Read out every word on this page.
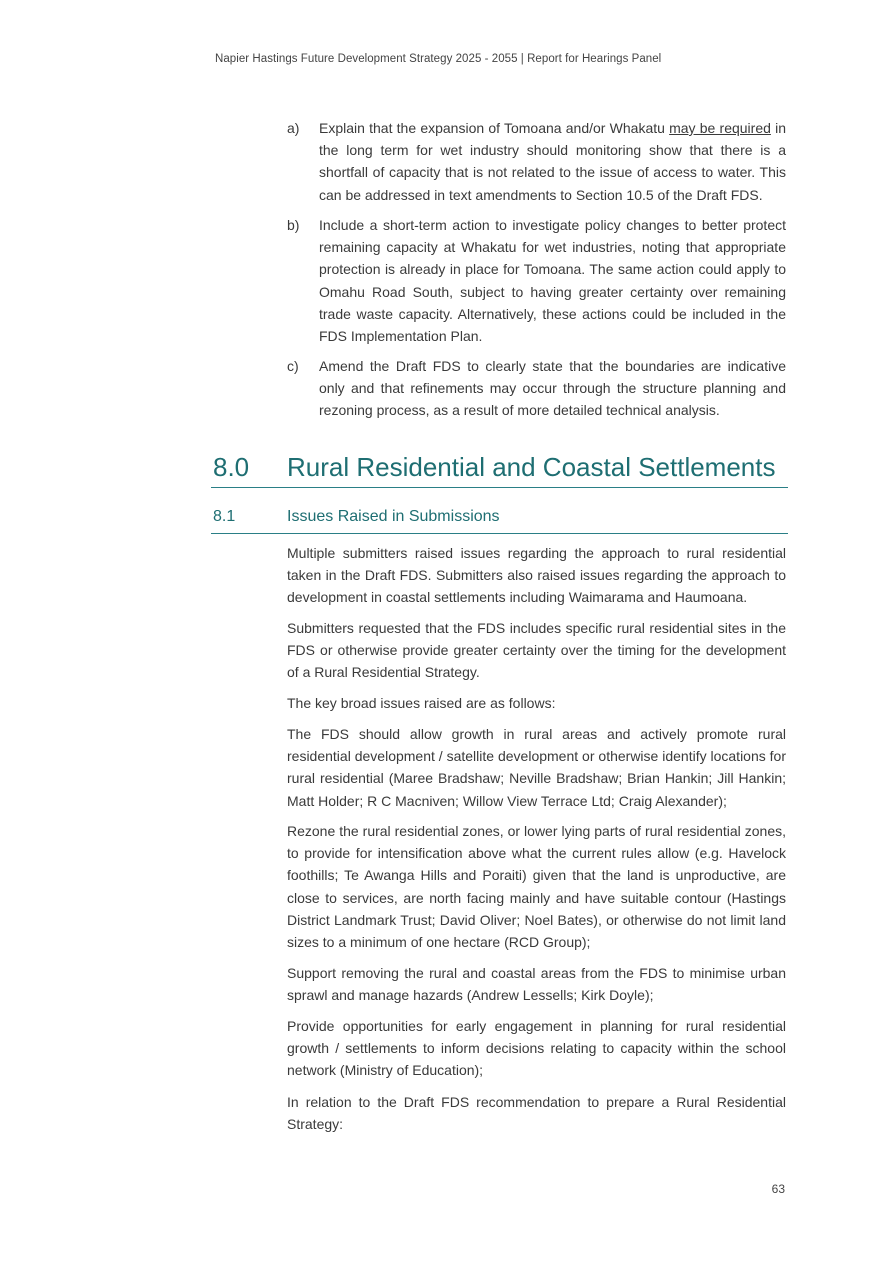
Napier Hastings Future Development Strategy 2025 - 2055 | Report for Hearings Panel
a) Explain that the expansion of Tomoana and/or Whakatu may be required in the long term for wet industry should monitoring show that there is a shortfall of capacity that is not related to the issue of access to water. This can be addressed in text amendments to Section 10.5 of the Draft FDS.
b) Include a short-term action to investigate policy changes to better protect remaining capacity at Whakatu for wet industries, noting that appropriate protection is already in place for Tomoana. The same action could apply to Omahu Road South, subject to having greater certainty over remaining trade waste capacity. Alternatively, these actions could be included in the FDS Implementation Plan.
c) Amend the Draft FDS to clearly state that the boundaries are indicative only and that refinements may occur through the structure planning and rezoning process, as a result of more detailed technical analysis.
8.0 Rural Residential and Coastal Settlements
8.1	Issues Raised in Submissions

Multiple submitters raised issues regarding the approach to rural residential taken in the Draft FDS. Submitters also raised issues regarding the approach to development in coastal settlements including Waimarama and Haumoana.

Submitters requested that the FDS includes specific rural residential sites in the FDS or otherwise provide greater certainty over the timing for the development of a Rural Residential Strategy.

The key broad issues raised are as follows:

The FDS should allow growth in rural areas and actively promote rural residential development / satellite development or otherwise identify locations for rural residential (Maree Bradshaw; Neville Bradshaw; Brian Hankin; Jill Hankin; Matt Holder; R C Macniven; Willow View Terrace Ltd; Craig Alexander);

Rezone the rural residential zones, or lower lying parts of rural residential zones, to provide for intensification above what the current rules allow (e.g. Havelock foothills; Te Awanga Hills and Poraiti) given that the land is unproductive, are close to services, are north facing mainly and have suitable contour (Hastings District Landmark Trust; David Oliver; Noel Bates), or otherwise do not limit land sizes to a minimum of one hectare (RCD Group);

Support removing the rural and coastal areas from the FDS to minimise urban sprawl and manage hazards (Andrew Lessells; Kirk Doyle);

Provide opportunities for early engagement in planning for rural residential growth / settlements to inform decisions relating to capacity within the school network (Ministry of Education);

In relation to the Draft FDS recommendation to prepare a Rural Residential Strategy:

63
